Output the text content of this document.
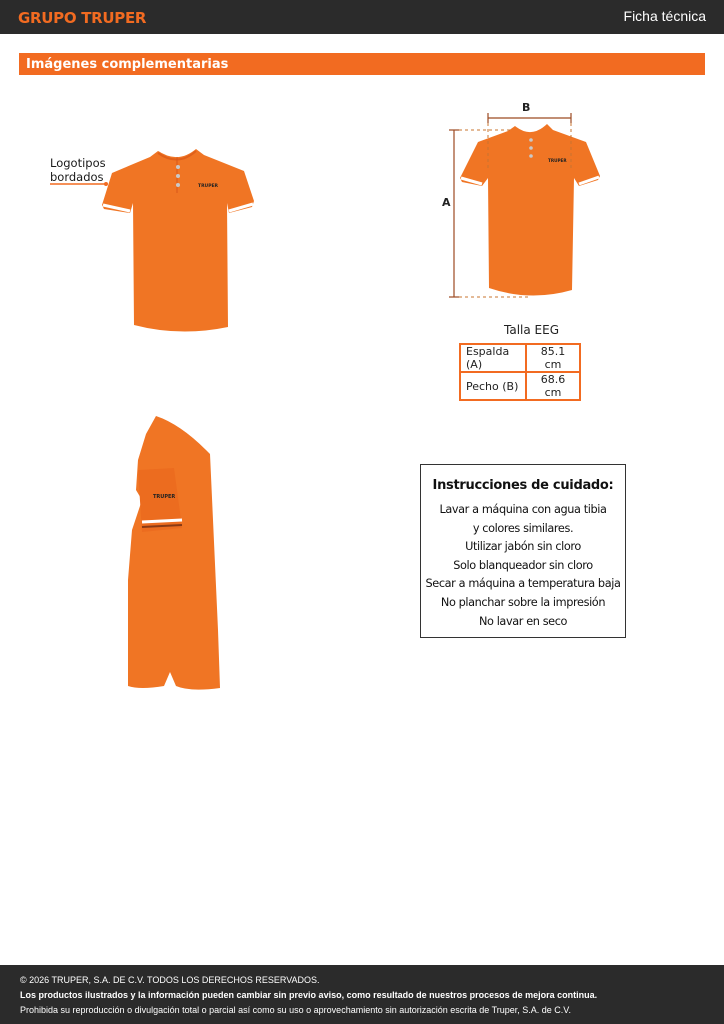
GRUPO TRUPER	Ficha técnica
Imágenes complementarias
TRUPER
Logotipos
bordados
TRUPER
B
A
Talla EEG
Espalda (A)	85.1 cm
Pecho (B)	68.6 cm
TRUPER
Instrucciones de cuidado:
Lavar a máquina con agua tibia
y colores similares.
Utilizar jabón sin cloro
Solo blanqueador sin cloro
Secar a máquina a temperatura baja
No planchar sobre la impresión
No lavar en seco
© 2026 TRUPER, S.A. DE C.V. TODOS LOS DERECHOS RESERVADOS.
Los productos ilustrados y la información pueden cambiar sin previo aviso, como resultado de nuestros procesos de mejora continua.
Prohibida su reproducción o divulgación total o parcial así como su uso o aprovechamiento sin autorización escrita de Truper, S.A. de C.V.
